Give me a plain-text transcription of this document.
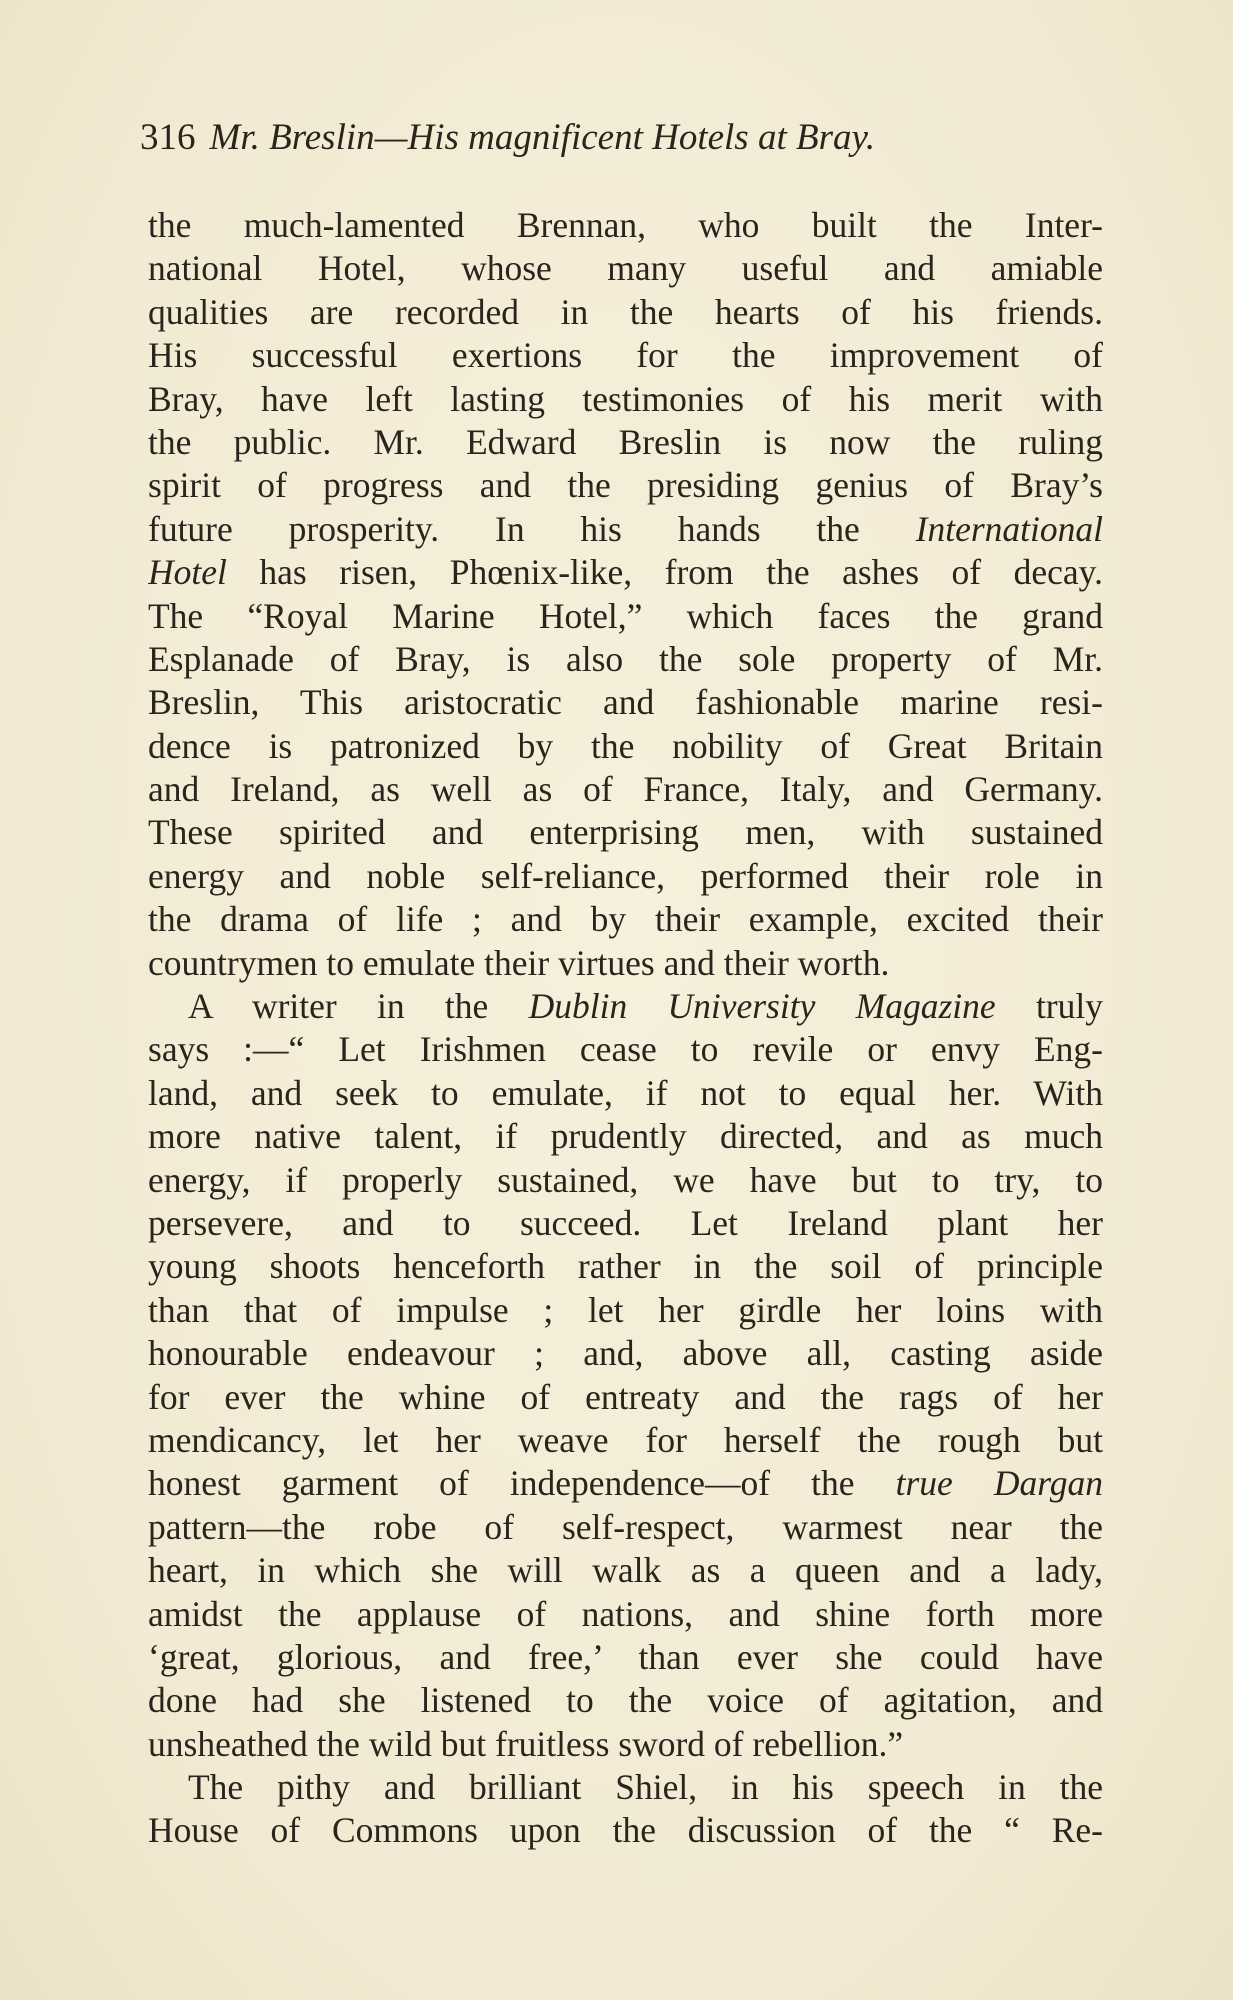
316 Mr. Breslin—His magnificent Hotels at Bray.
the much-lamented Brennan, who built the Inter-
national Hotel, whose many useful and amiable
qualities are recorded in the hearts of his friends.
His successful exertions for the improvement of
Bray, have left lasting testimonies of his merit with
the public. Mr. Edward Breslin is now the ruling
spirit of progress and the presiding genius of Bray’s
future prosperity. In his hands the International
Hotel has risen, Phœnix-like, from the ashes of decay.
The “Royal Marine Hotel,” which faces the grand
Esplanade of Bray, is also the sole property of Mr.
Breslin, This aristocratic and fashionable marine resi-
dence is patronized by the nobility of Great Britain
and Ireland, as well as of France, Italy, and Germany.
These spirited and enterprising men, with sustained
energy and noble self-reliance, performed their role in
the drama of life ; and by their example, excited their
countrymen to emulate their virtues and their worth.
A writer in the Dublin University Magazine truly
says :—“ Let Irishmen cease to revile or envy Eng-
land, and seek to emulate, if not to equal her. With
more native talent, if prudently directed, and as much
energy, if properly sustained, we have but to try, to
persevere, and to succeed. Let Ireland plant her
young shoots henceforth rather in the soil of principle
than that of impulse ; let her girdle her loins with
honourable endeavour ; and, above all, casting aside
for ever the whine of entreaty and the rags of her
mendicancy, let her weave for herself the rough but
honest garment of independence—of the true Dargan
pattern—the robe of self-respect, warmest near the
heart, in which she will walk as a queen and a lady,
amidst the applause of nations, and shine forth more
‘great, glorious, and free,’ than ever she could have
done had she listened to the voice of agitation, and
unsheathed the wild but fruitless sword of rebellion.”
The pithy and brilliant Shiel, in his speech in the
House of Commons upon the discussion of the “ Re-
